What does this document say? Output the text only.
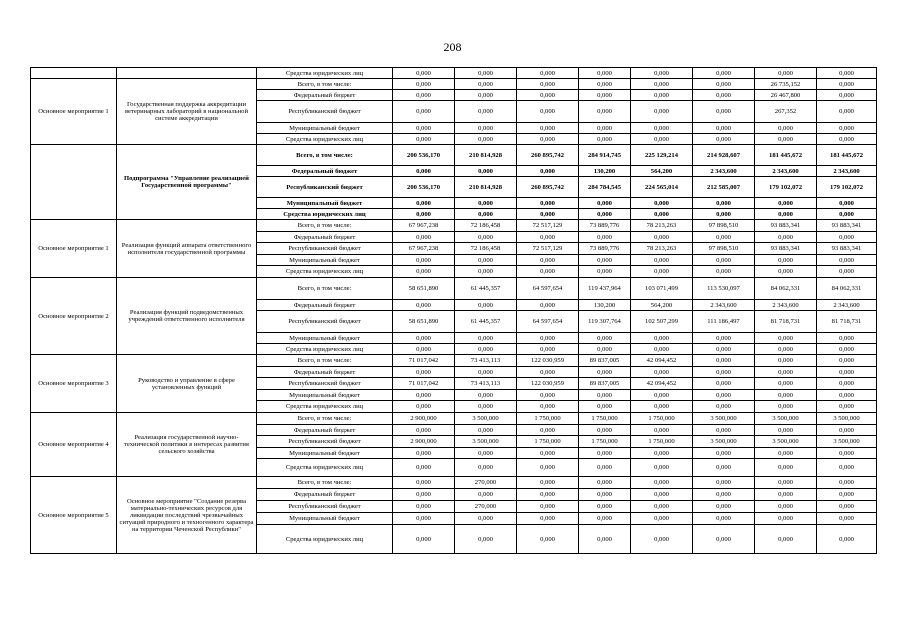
208
		Средства юридических лиц	0,000	0,000	0,000	0,000	0,000	0,000	0,000	0,000
Основное мероприятие 1	Государственная поддержка аккредитации ветеринарных лабораторий в национальной системе аккредитации	Всего, в том числе:	0,000	0,000	0,000	0,000	0,000	0,000	26 735,152	0,000
		Федеральный бюджет	0,000	0,000	0,000	0,000	0,000	0,000	26 467,800	0,000
		Республиканский бюджет	0,000	0,000	0,000	0,000	0,000	0,000	267,352	0,000
		Муниципальный бюджет	0,000	0,000	0,000	0,000	0,000	0,000	0,000	0,000
		Средства юридических лиц	0,000	0,000	0,000	0,000	0,000	0,000	0,000	0,000
	Подпрограмма "Управление реализацией Государственной программы"	Всего, в том числе:	200 536,170	210 814,928	260 895,742	284 914,745	225 129,214	214 928,607	181 445,672	181 445,672
		Федеральный бюджет	0,000	0,000	0,000	130,200	564,200	2 343,600	2 343,600	2 343,600
		Республиканский бюджет	200 536,170	210 814,928	260 895,742	284 784,545	224 565,014	212 585,007	179 102,072	179 102,072
		Муниципальный бюджет	0,000	0,000	0,000	0,000	0,000	0,000	0,000	0,000
		Средства юридических лиц	0,000	0,000	0,000	0,000	0,000	0,000	0,000	0,000
Основное мероприятие 1	Реализация функций аппарата ответственного исполнителя государственной программы	Всего, в том числе:	67 967,238	72 186,458	72 517,129	73 889,776	78 213,263	97 898,510	93 883,341	93 883,341
		Федеральный бюджет	0,000	0,000	0,000	0,000	0,000	0,000	0,000	0,000
		Республиканский бюджет	67 967,238	72 186,458	72 517,129	73 889,776	78 213,263	97 898,510	93 883,341	93 883,341
		Муниципальный бюджет	0,000	0,000	0,000	0,000	0,000	0,000	0,000	0,000
		Средства юридических лиц	0,000	0,000	0,000	0,000	0,000	0,000	0,000	0,000
Основное мероприятие 2	Реализация функций подведомственных учреждений ответственного исполнителя	Всего, в том числе:	58 651,890	61 445,357	64 597,654	119 437,964	103 071,499	113 530,097	84 062,331	84 062,331
		Федеральный бюджет	0,000	0,000	0,000	130,200	564,200	2 343,600	2 343,600	2 343,600
		Республиканский бюджет	58 651,890	61 445,357	64 597,654	119 307,764	102 507,299	111 186,497	81 718,731	81 718,731
		Муниципальный бюджет	0,000	0,000	0,000	0,000	0,000	0,000	0,000	0,000
		Средства юридических лиц	0,000	0,000	0,000	0,000	0,000	0,000	0,000	0,000
Основное мероприятие 3	Руководство и управление в сфере установленных функций	Всего, в том числе:	71 017,042	73 413,113	122 030,959	89 837,005	42 094,452	0,000	0,000	0,000
		Федеральный бюджет	0,000	0,000	0,000	0,000	0,000	0,000	0,000	0,000
		Республиканский бюджет	71 017,042	73 413,113	122 030,959	89 837,005	42 094,452	0,000	0,000	0,000
		Муниципальный бюджет	0,000	0,000	0,000	0,000	0,000	0,000	0,000	0,000
		Средства юридических лиц	0,000	0,000	0,000	0,000	0,000	0,000	0,000	0,000
Основное мероприятие 4	Реализация государственной научно-технической политики в интересах развития сельского хозяйства	Всего, в том числе:	2 900,000	3 500,000	1 750,000	1 750,000	1 750,000	3 500,000	3 500,000	3 500,000
		Федеральный бюджет	0,000	0,000	0,000	0,000	0,000	0,000	0,000	0,000
		Республиканский бюджет	2 900,000	3 500,000	1 750,000	1 750,000	1 750,000	3 500,000	3 500,000	3 500,000
		Муниципальный бюджет	0,000	0,000	0,000	0,000	0,000	0,000	0,000	0,000
		Средства юридических лиц	0,000	0,000	0,000	0,000	0,000	0,000	0,000	0,000
Основное мероприятие 5	Основное мероприятие "Создание резерва материально-технических ресурсов для ликвидации последствий чрезвычайных ситуаций природного и техногенного характера на территории Чеченской Республики"	Всего, в том числе:	0,000	270,000	0,000	0,000	0,000	0,000	0,000	0,000
		Федеральный бюджет	0,000	0,000	0,000	0,000	0,000	0,000	0,000	0,000
		Республиканский бюджет	0,000	270,000	0,000	0,000	0,000	0,000	0,000	0,000
		Муниципальный бюджет	0,000	0,000	0,000	0,000	0,000	0,000	0,000	0,000
		Средства юридических лиц	0,000	0,000	0,000	0,000	0,000	0,000	0,000	0,000
